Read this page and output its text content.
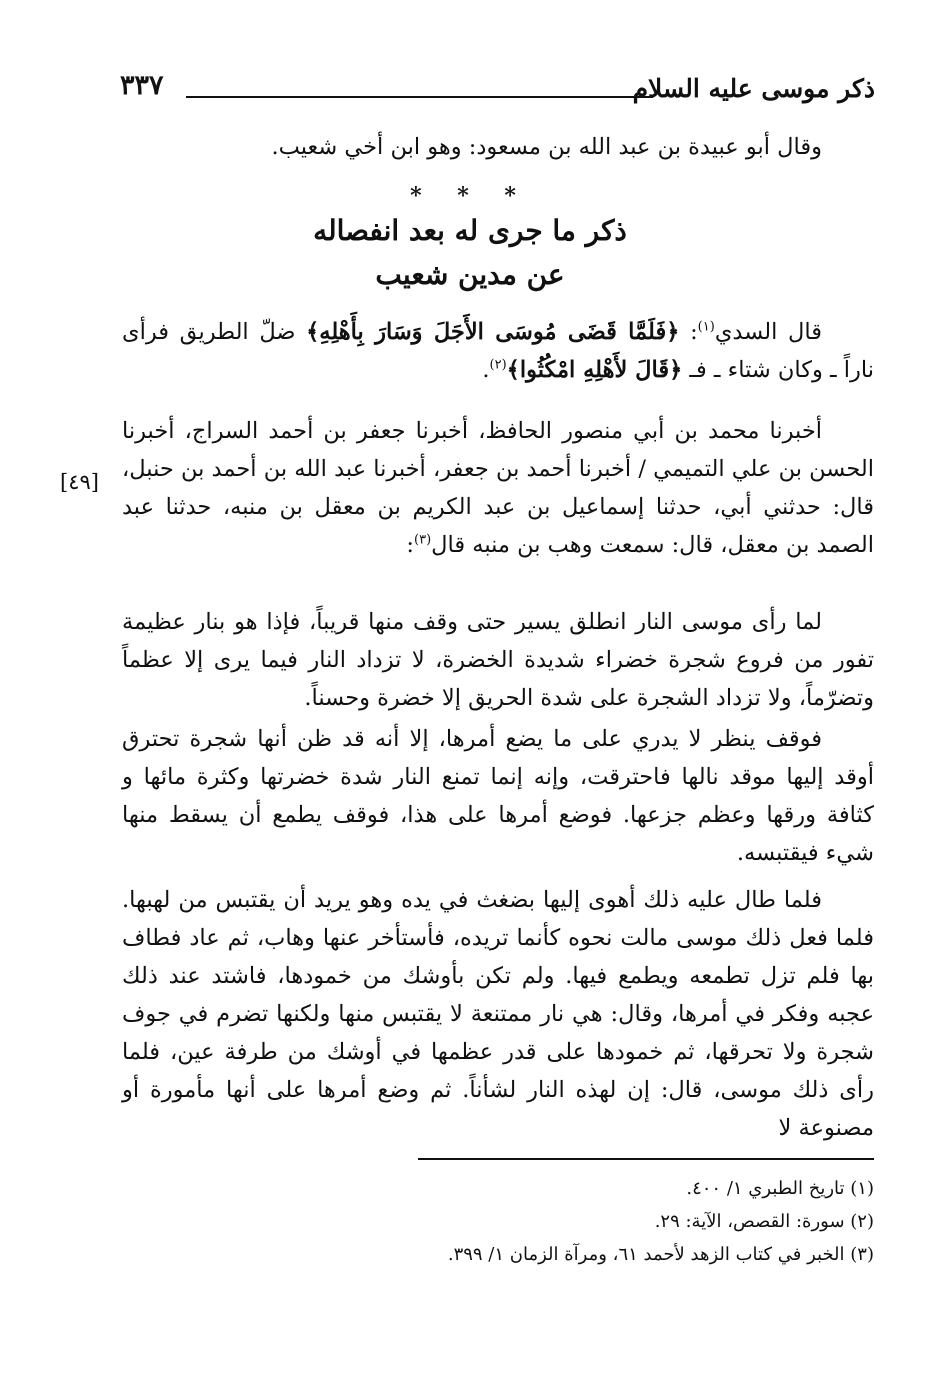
ذكر موسى عليه السلام
٣٣٧

وقال أبو عبيدة بن عبد الله بن مسعود: وهو ابن أخي شعيب.

* * *
ذكر ما جرى له بعد انفصاله
عن مدين شعيب

قال السدي$^{(١)}$: ﴿فَلَمَّا قَضَى مُوسَى الأَجَلَ وَسَارَ بِأَهْلِهِ﴾ ضلّ الطريق فرأى ناراً ـ وكان شتاء ـ فـ ﴿قَالَ لأَهْلِهِ امْكُثُوا﴾$^{(٢)}$.

أخبرنا محمد بن أبي منصور الحافظ، أخبرنا جعفر بن أحمد السراج، أخبرنا الحسن بن علي التميمي / أخبرنا أحمد بن جعفر، أخبرنا عبد الله بن أحمد بن حنبل، قال: حدثني أبي، حدثنا إسماعيل بن عبد الكريم بن معقل بن منبه، حدثنا عبد الصمد بن معقل، قال: سمعت وهب بن منبه قال$^{(٣)}$:

[٤٩]

لما رأى موسى النار انطلق يسير حتى وقف منها قريباً، فإذا هو بنار عظيمة تفور من فروع شجرة خضراء شديدة الخضرة، لا تزداد النار فيما يرى إلا عظماً وتضرّماً، ولا تزداد الشجرة على شدة الحريق إلا خضرة وحسناً.

فوقف ينظر لا يدري على ما يضع أمرها، إلا أنه قد ظن أنها شجرة تحترق أوقد إليها موقد نالها فاحترقت، وإنه إنما تمنع النار شدة خضرتها وكثرة مائها و كثافة ورقها وعظم جزعها. فوضع أمرها على هذا، فوقف يطمع أن يسقط منها شيء فيقتبسه.

فلما طال عليه ذلك أهوى إليها بضغث في يده وهو يريد أن يقتبس من لهبها. فلما فعل ذلك موسى مالت نحوه كأنما تريده، فأستأخر عنها وهاب، ثم عاد فطاف بها فلم تزل تطمعه ويطمع فيها. ولم تكن بأوشك من خمودها، فاشتد عند ذلك عجبه وفكر في أمرها، وقال: هي نار ممتنعة لا يقتبس منها ولكنها تضرم في جوف شجرة ولا تحرقها، ثم خمودها على قدر عظمها في أوشك من طرفة عين، فلما رأى ذلك موسى، قال: إن لهذه النار لشأناً. ثم وضع أمرها على أنها مأمورة أو مصنوعة لا

(١) تاريخ الطبري ١/ ٤٠٠.

(٢) سورة: القصص، الآية: ٢٩.

(٣) الخبر في كتاب الزهد لأحمد ٦١، ومرآة الزمان ١/ ٣٩٩.
